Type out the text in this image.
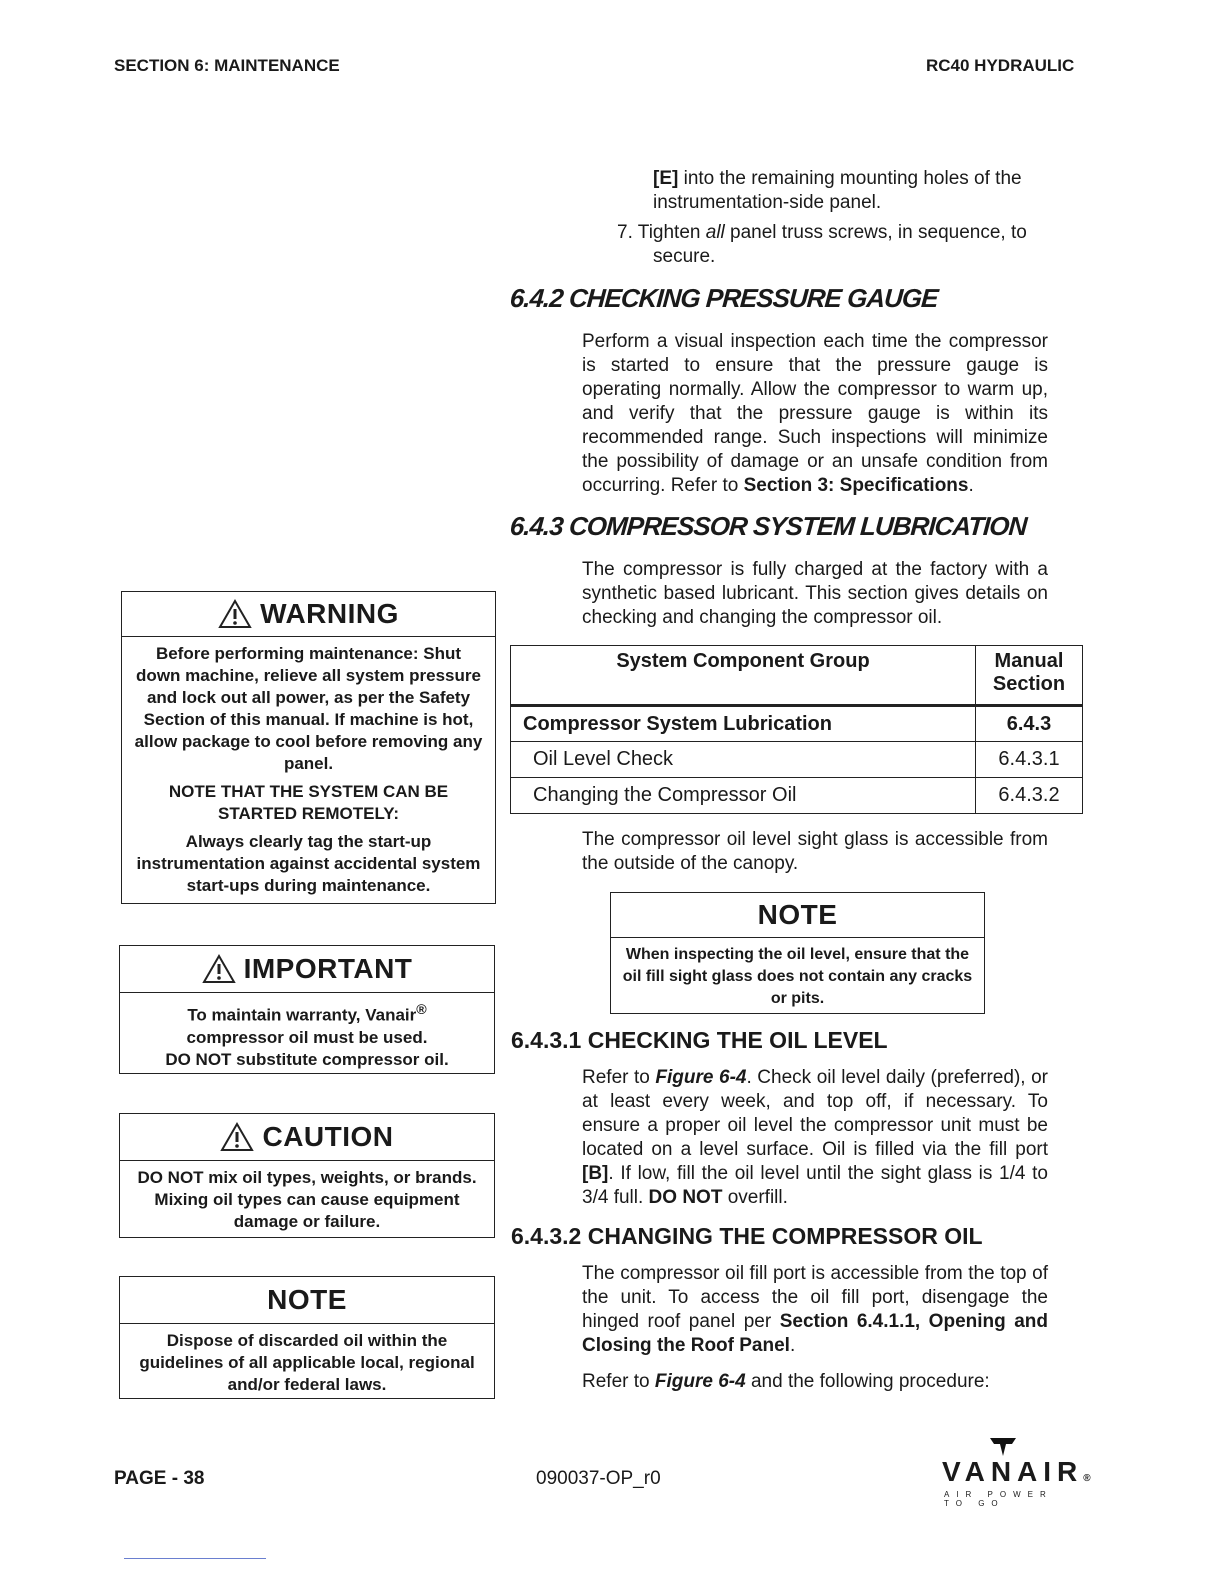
SECTION 6: MAINTENANCE	RC40 HYDRAULIC
[E] into the remaining mounting holes of the
instrumentation-side panel.
7. Tighten all panel truss screws, in sequence, to
secure.
6.4.2 CHECKING PRESSURE GAUGE
Perform a visual inspection each time the compressor is started to ensure that the pressure gauge is operating normally. Allow the compressor to warm up, and verify that the pressure gauge is within its recommended range. Such inspections will minimize the possibility of damage or an unsafe condition from occurring. Refer to Section 3: Specifications.
6.4.3 COMPRESSOR SYSTEM LUBRICATION
The compressor is fully charged at the factory with a synthetic based lubricant. This section gives details on checking and changing the compressor oil.
System Component Group	Manual
Section

Compressor System Lubrication	6.4.3
Oil Level Check	6.4.3.1
Changing the Compressor Oil	6.4.3.2
The compressor oil level sight glass is accessible from the outside of the canopy.
NOTE
When inspecting the oil level, ensure that the oil fill sight glass does not contain any cracks or pits.
6.4.3.1 CHECKING THE OIL LEVEL
Refer to Figure 6-4. Check oil level daily (preferred), or at least every week, and top off, if necessary. To ensure a proper oil level the compressor unit must be located on a level surface. Oil is filled via the fill port [B]. If low, fill the oil level until the sight glass is 1/4 to 3/4 full. DO NOT overfill.
6.4.3.2 CHANGING THE COMPRESSOR OIL
The compressor oil fill port is accessible from the top of the unit. To access the oil fill port, disengage the hinged roof panel per Section 6.4.1.1, Opening and Closing the Roof Panel.
Refer to Figure 6-4 and the following procedure:
WARNING

Before performing maintenance: Shut down machine, relieve all system pressure and lock out all power, as per the Safety Section of this manual. If machine is hot, allow package to cool before removing any panel.

NOTE THAT THE SYSTEM CAN BE STARTED REMOTELY:

Always clearly tag the start-up instrumentation against accidental system start-ups during maintenance.

IMPORTANT
To maintain warranty, Vanair®
compressor oil must be used.
DO NOT substitute compressor oil.
CAUTION
DO NOT mix oil types, weights, or brands. Mixing oil types can cause equipment damage or failure.
NOTE
Dispose of discarded oil within the guidelines of all applicable local, regional and/or federal laws.
PAGE - 38	090037-OP_r0	VANAIR®
AIR POWER TO GO
